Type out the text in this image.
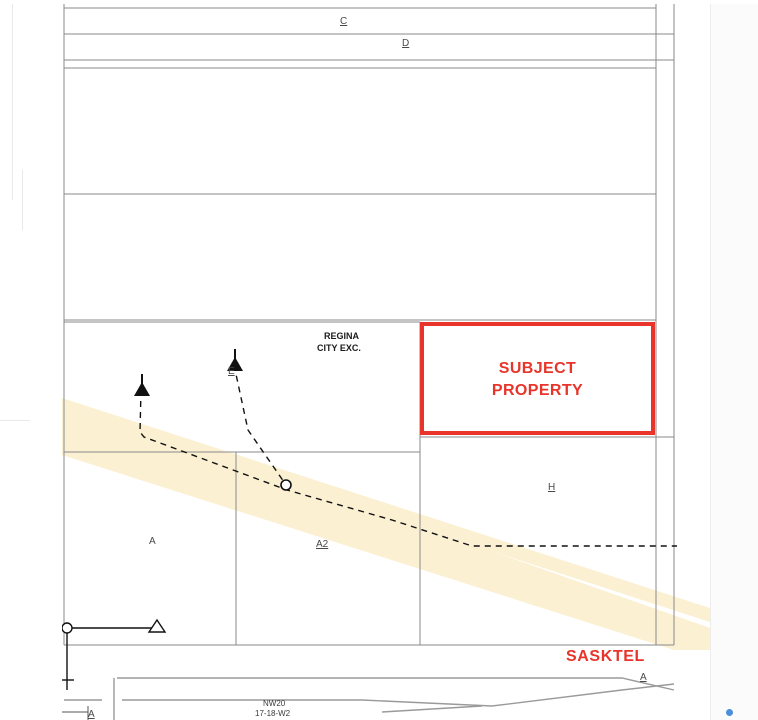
C
D
E
H
A	A2
A
A
REGINA
CITY EXC.
NW20
17-18-W2
SUBJECT
PROPERTY
SASKTEL
